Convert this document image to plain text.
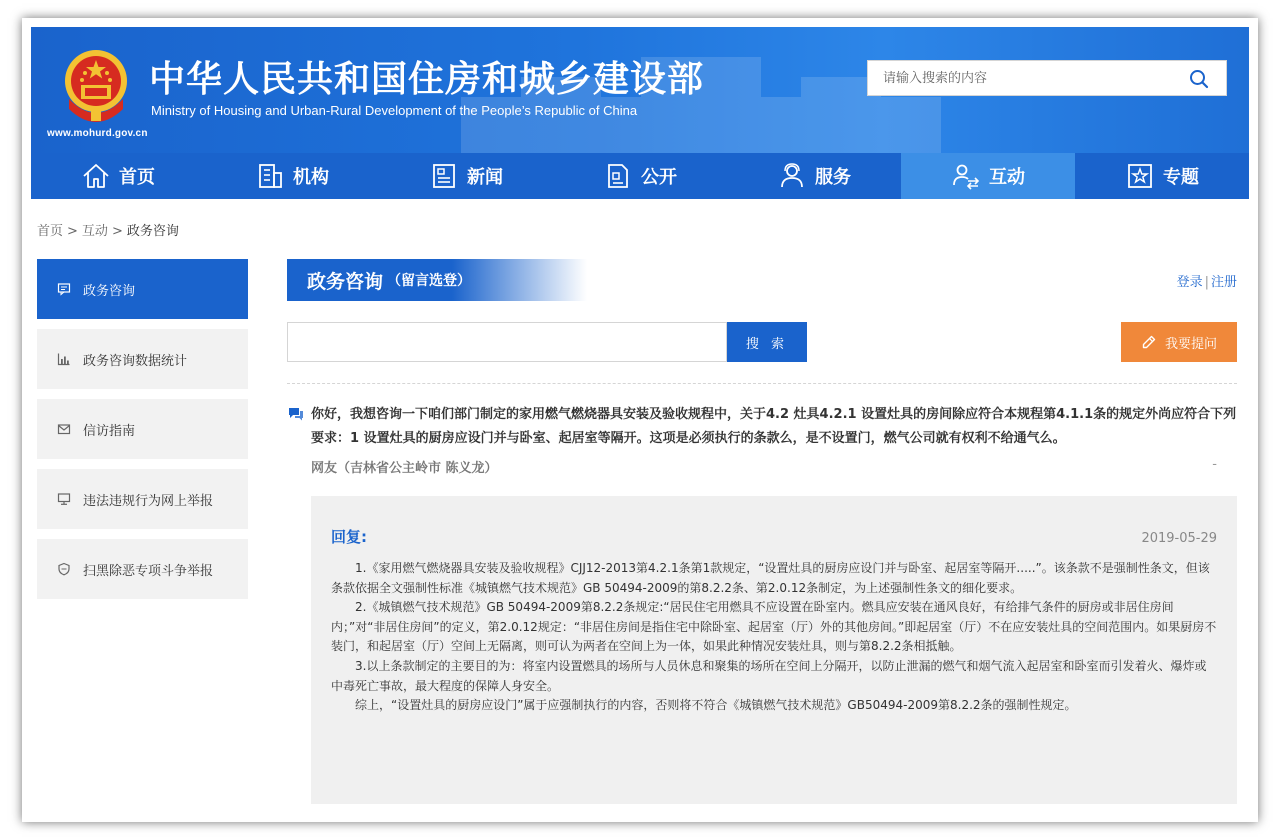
www.mohurd.gov.cn
中华人民共和国住房和城乡建设部
Ministry of Housing and Urban-Rural Development of the People’s Republic of China
请输入搜索的内容
首页	机构	新闻	公开	服务	互动	专题
首页 > 互动 > 政务咨询
政务咨询
政务咨询数据统计
信访指南
违法违规行为网上举报
扫黑除恶专项斗争举报
政务咨询 （留言选登）	登录 | 注册
搜 索	我要提问
你好，我想咨询一下咱们部门制定的家用燃气燃烧器具安装及验收规程中，关于4.2 灶具4.2.1 设置灶具的房间除应符合本规程第4.1.1条的规定外尚应符合下列要求：1 设置灶具的厨房应设门并与卧室、起居室等隔开。这项是必须执行的条款么，是不设置门，燃气公司就有权利不给通气么。
网友（吉林省公主岭市 陈义龙）	-
回复:	2019-05-29

1.《家用燃气燃烧器具安装及验收规程》CJJ12-2013第4.2.1条第1款规定，“设置灶具的厨房应设门并与卧室、起居室等隔开.....”。该条款不是强制性条文，但该条款依据全文强制性标准《城镇燃气技术规范》GB 50494-2009的第8.2.2条、第2.0.12条制定，为上述强制性条文的细化要求。

2.《城镇燃气技术规范》GB 50494-2009第8.2.2条规定:“居民住宅用燃具不应设置在卧室内。燃具应安装在通风良好，有给排气条件的厨房或非居住房间内；”对“非居住房间”的定义，第2.0.12规定：“非居住房间是指住宅中除卧室、起居室（厅）外的其他房间。”即起居室（厅）不在应安装灶具的空间范围内。如果厨房不装门，和起居室（厅）空间上无隔离，则可认为两者在空间上为一体，如果此种情况安装灶具，则与第8.2.2条相抵触。

3.以上条款制定的主要目的为：将室内设置燃具的场所与人员休息和聚集的场所在空间上分隔开，以防止泄漏的燃气和烟气流入起居室和卧室而引发着火、爆炸或中毒死亡事故，最大程度的保障人身安全。

综上，“设置灶具的厨房应设门”属于应强制执行的内容，否则将不符合《城镇燃气技术规范》GB50494-2009第8.2.2条的强制性规定。
